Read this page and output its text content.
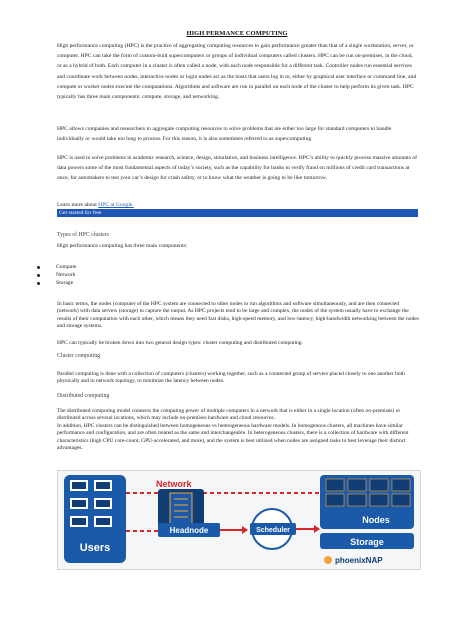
HIGH PERMANCE COMPUTING

High performance computing (HPC) is the practice of aggregating computing resources to gain performance greater than that of a single workstation, server, or computer. HPC can take the form of custom-built supercomputers or groups of individual computers called clusters. HPC can be run on-premises, in the cloud, or as a hybrid of both. Each computer in a cluster is often called a node, with each node responsible for a different task. Controller nodes run essential services and coordinate work between nodes, interactive nodes or login nodes act as the hosts that users log in to, either by graphical user interface or command line, and compute or worker nodes execute the computations. Algorithms and software are run in parallel on each node of the cluster to help perform its given task. HPC typically has three main components: compute, storage, and networking.

HPC allows companies and researchers to aggregate computing resources to solve problems that are either too large for standard computers to handle individually or would take too long to process. For this reason, it is also sometimes referred to as supercomputing.

HPC is used to solve problems in academic research, science, design, simulation, and business intelligence. HPC’s ability to quickly process massive amounts of data powers some of the most fundamental aspects of today’s society, such as the capability for banks to verify fraud on millions of credit card transactions at once, for automakers to test your car’s design for crash safety, or to know what the weather is going to be like tomorrow.

Learn more about HPC at Google.
Get started for free
Types of HPC clusters
High performance computing has three main components:
Compute
Network
Storage

In basic terms, the nodes (compute) of the HPC system are connected to other nodes to run algorithms and software simultaneously, and are then connected (network) with data servers (storage) to capture the output. As HPC projects tend to be large and complex, the nodes of the system usually have to exchange the results of their computation with each other, which means they need fast disks, high-speed memory, and low-latency, high-bandwidth networking between the nodes and storage systems.

HPC can typically be broken down into two general design types: cluster computing and distributed computing.

Cluster computing

Parallel computing is done with a collection of computers (clusters) working together, such as a connected group of servers placed closely to one another both physically and in network topology, to minimize the latency between nodes.

Distributed computing

The distributed computing model connects the computing power of multiple computers in a network that is either in a single location (often on-premises) or distributed across several locations, which may include on-premises hardware and cloud resources.

In addition, HPC clusters can be distinguished between homogeneous vs heterogeneous hardware models. In homogenous clusters, all machines have similar performance and configuration, and are often treated as the same and interchangeable. In heterogeneous clusters, there is a collection of hardware with different characteristics (high CPU core-count, GPU-accelerated, and more), and the system is best utilized when nodes are assigned tasks to best leverage their distinct advantages.

Users
Network
Headnode	Scheduler
Nodes
Storage
phoenixNAP
